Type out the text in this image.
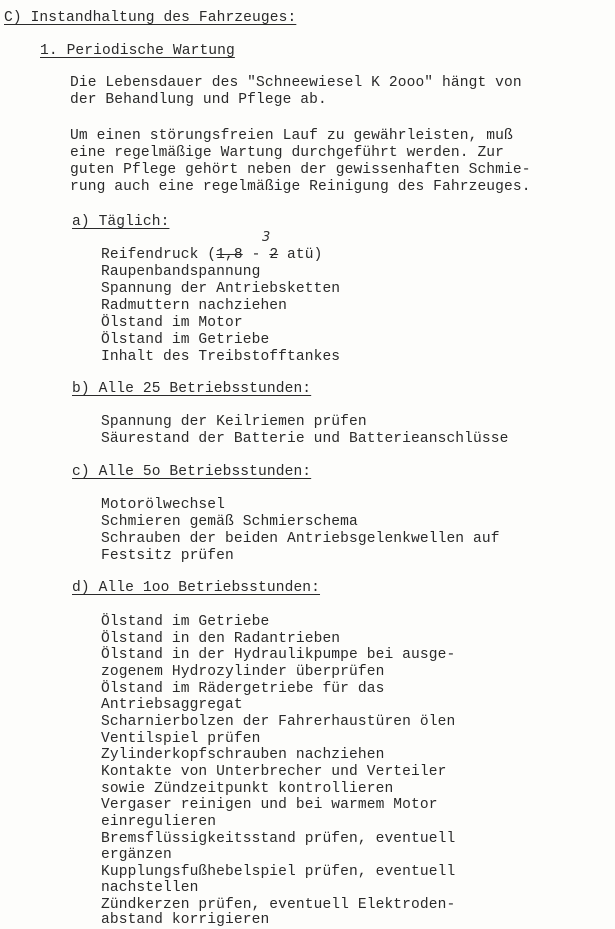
C) Instandhaltung des Fahrzeuges:
1. Periodische Wartung
Die Lebensdauer des "Schneewiesel K 2ooo" hängt von
der Behandlung und Pflege ab.
Um einen störungsfreien Lauf zu gewährleisten, muß
eine regelmäßige Wartung durchgeführt werden. Zur
guten Pflege gehört neben der gewissenhaften Schmie-
rung auch eine regelmäßige Reinigung des Fahrzeuges.
a) Täglich:
3
Reifendruck (1,8 - 2 atü)
Raupenbandspannung
Spannung der Antriebsketten
Radmuttern nachziehen
Ölstand im Motor
Ölstand im Getriebe
Inhalt des Treibstofftankes
b) Alle 25 Betriebsstunden:
Spannung der Keilriemen prüfen
Säurestand der Batterie und Batterieanschlüsse
c) Alle 5o Betriebsstunden:
Motorölwechsel
Schmieren gemäß Schmierschema
Schrauben der beiden Antriebsgelenkwellen auf
Festsitz prüfen
d) Alle 1oo Betriebsstunden:
Ölstand im Getriebe
Ölstand in den Radantrieben
Ölstand in der Hydraulikpumpe bei ausge-
zogenem Hydrozylinder überprüfen
Ölstand im Rädergetriebe für das
Antriebsaggregat
Scharnierbolzen der Fahrerhaustüren ölen
Ventilspiel prüfen
Zylinderkopfschrauben nachziehen
Kontakte von Unterbrecher und Verteiler
sowie Zündzeitpunkt kontrollieren
Vergaser reinigen und bei warmem Motor
einregulieren
Bremsflüssigkeitsstand prüfen, eventuell
ergänzen
Kupplungsfußhebelspiel prüfen, eventuell
nachstellen
Zündkerzen prüfen, eventuell Elektroden-
abstand korrigieren
